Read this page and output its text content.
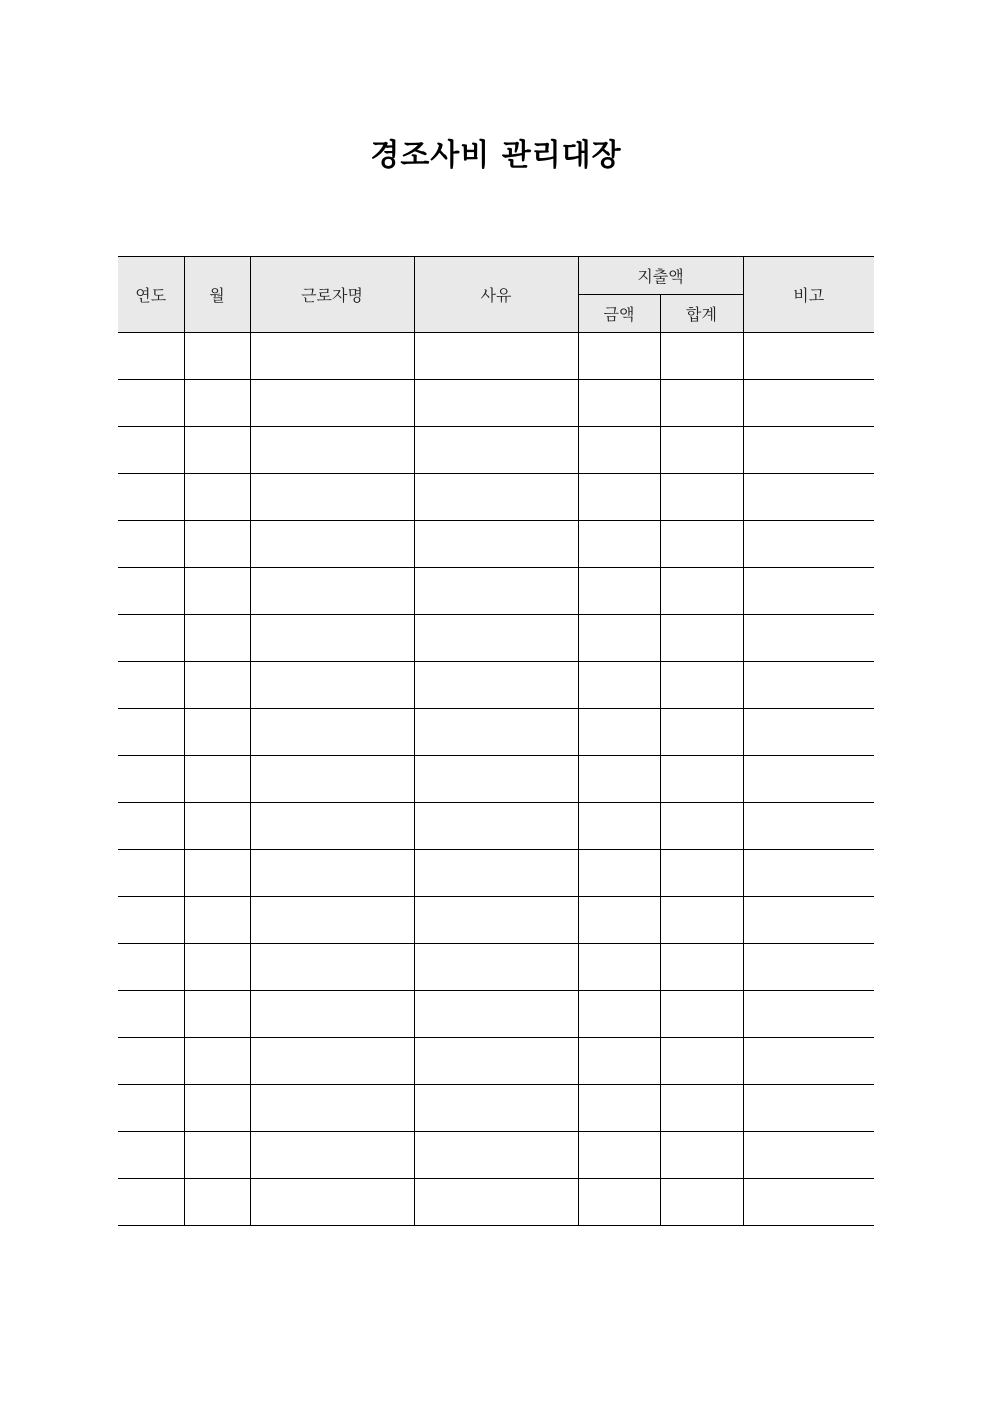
경조사비 관리대장
연도	월	근로자명	사유	지출액		비고
				금액	합계	
